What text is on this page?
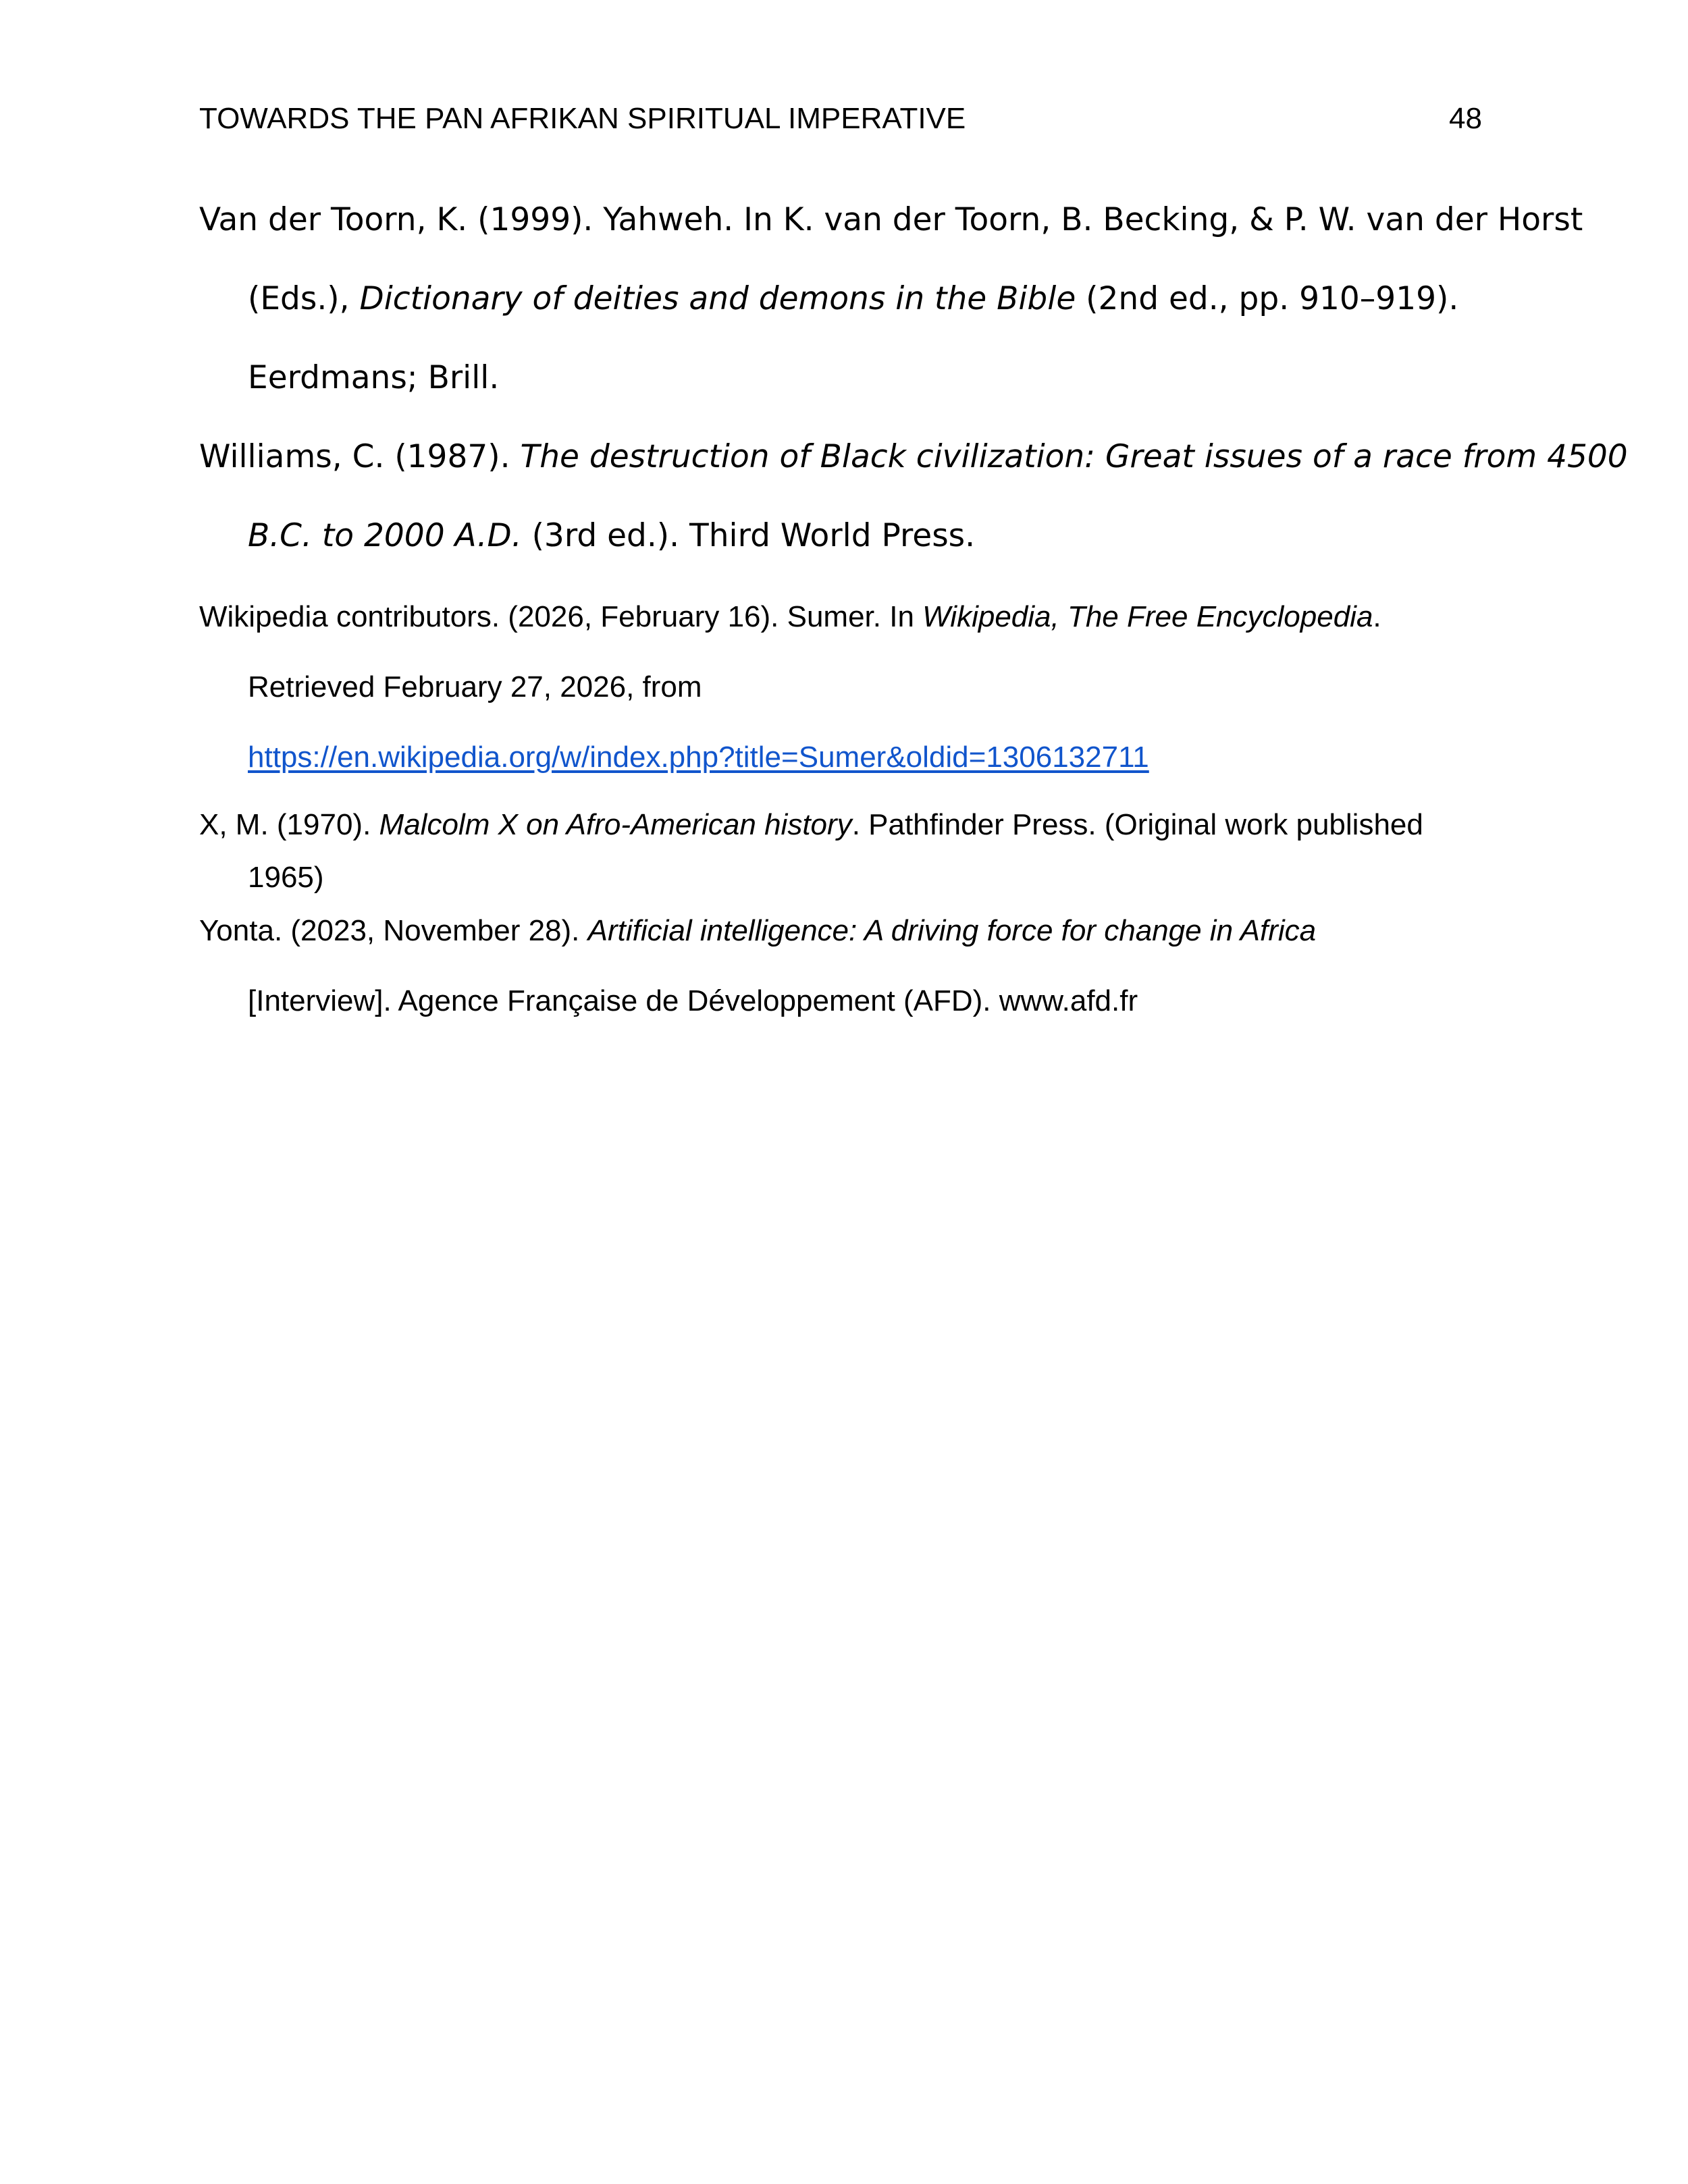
TOWARDS THE PAN AFRIKAN SPIRITUAL IMPERATIVE	48
Van der Toorn, K. (1999). Yahweh. In K. van der Toorn, B. Becking, & P. W. van der Horst
(Eds.), Dictionary of deities and demons in the Bible (2nd ed., pp. 910–919).
Eerdmans; Brill.
Williams, C. (1987). The destruction of Black civilization: Great issues of a race from 4500
B.C. to 2000 A.D. (3rd ed.). Third World Press.
Wikipedia contributors. (2026, February 16). Sumer. In Wikipedia, The Free Encyclopedia.
Retrieved February 27, 2026, from
https://en.wikipedia.org/w/index.php?title=Sumer&oldid=1306132711
X, M. (1970). Malcolm X on Afro-American history. Pathfinder Press. (Original work published
1965)
Yonta. (2023, November 28). Artificial intelligence: A driving force for change in Africa
[Interview]. Agence Française de Développement (AFD). www.afd.fr
